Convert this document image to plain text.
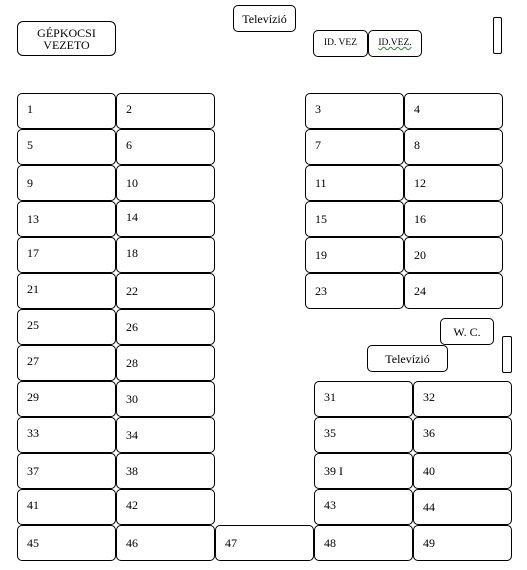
GÉPKOCSI
VEZETO
Televízió
ID. VEZ ID.VEZ.
1	2
5	6
9	10
13	14
17	18
21	22
25	26
27	28
29	30
33	34
37	38
41	42
3	4
7	8
11	12
15	16
19	20
23	24
W. C.
Televízió
31	32
35	36
39 I	40
43	44
45	46	47	48	49
